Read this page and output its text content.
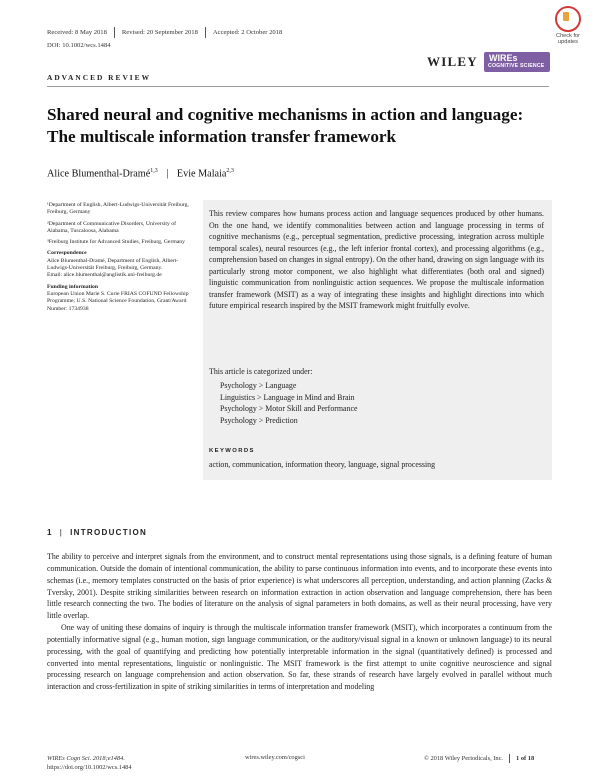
Received: 8 May 2018 Revised: 20 September 2018 Accepted: 2 October 2018
DOI: 10.1002/wcs.1484
Check for
updates
WILEY WIREs
COGNITIVE SCIENCE
ADVANCED REVIEW
Shared neural and cognitive mechanisms in action and language: The multiscale information transfer framework
Alice Blumenthal-Dramé$^{1,3}$ | Evie Malaia$^{2,3}$

¹Department of English, Albert-Ludwigs-Universität Freiburg, Freiburg, Germany

²Department of Communicative Disorders, University of Alabama, Tuscaloosa, Alabama

³Freiburg Institute for Advanced Studies, Freiburg, Germany

Correspondence

Alice Blumenthal-Dramé, Department of English, Albert-Ludwigs-Universität Freiburg, Freiburg, Germany.

Email: alice.blumenthal@anglistik.uni-freiburg.de

Funding information

European Union Marie S. Curie FRIAS COFUND Fellowship Programme; U.S. National Science Foundation, Grant/Award Number: 1734938

This review compares how humans process action and language sequences produced by other humans. On the one hand, we identify commonalities between action and language processing in terms of cognitive mechanisms (e.g., perceptual segmentation, predictive processing, integration across multiple temporal scales), neural resources (e.g., the left inferior frontal cortex), and processing algorithms (e.g., comprehension based on changes in signal entropy). On the other hand, drawing on sign language with its particularly strong motor component, we also highlight what differentiates (both oral and signed) linguistic communication from nonlinguistic action sequences. We propose the multiscale information transfer framework (MSIT) as a way of integrating these insights and highlight directions into which future empirical research inspired by the MSIT framework might fruitfully evolve.
This article is categorized under:
Psychology > Language
Linguistics > Language in Mind and Brain
Psychology > Motor Skill and Performance
Psychology > Prediction
KEYWORDS
action, communication, information theory, language, signal processing
1 | INTRODUCTION

The ability to perceive and interpret signals from the environment, and to construct mental representations using those signals, is a defining feature of human communication. Outside the domain of intentional communication, the ability to parse continuous information into events, and to incorporate these events into schemas (i.e., memory templates constructed on the basis of prior experience) is what underscores all perception, understanding, and action planning (Zacks & Tversky, 2001). Despite striking similarities between research on information extraction in action observation and language comprehension, there has been little research connecting the two. The bodies of literature on the analysis of signal parameters in both domains, as well as their neural processing, have very little overlap.

One way of uniting these domains of inquiry is through the multiscale information transfer framework (MSIT), which incorporates a continuum from the potentially informative signal (e.g., human motion, sign language communication, or the auditory/visual signal in a known or unknown language) to its neural processing, with the goal of quantifying and predicting how potentially interpretable information in the signal (quantitatively defined) is processed and converted into mental representations, linguistic or nonlinguistic. The MSIT framework is the first attempt to unite cognitive neuroscience and signal processing research on language comprehension and action observation. So far, these strands of research have largely evolved in parallel without much interaction and cross-fertilization in spite of striking similarities in terms of interpretation and modeling

WIREs Cogn Sci. 2018;e1484.
https://doi.org/10.1002/wcs.1484
wires.wiley.com/cogsci	© 2018 Wiley Periodicals, Inc. 1 of 18
